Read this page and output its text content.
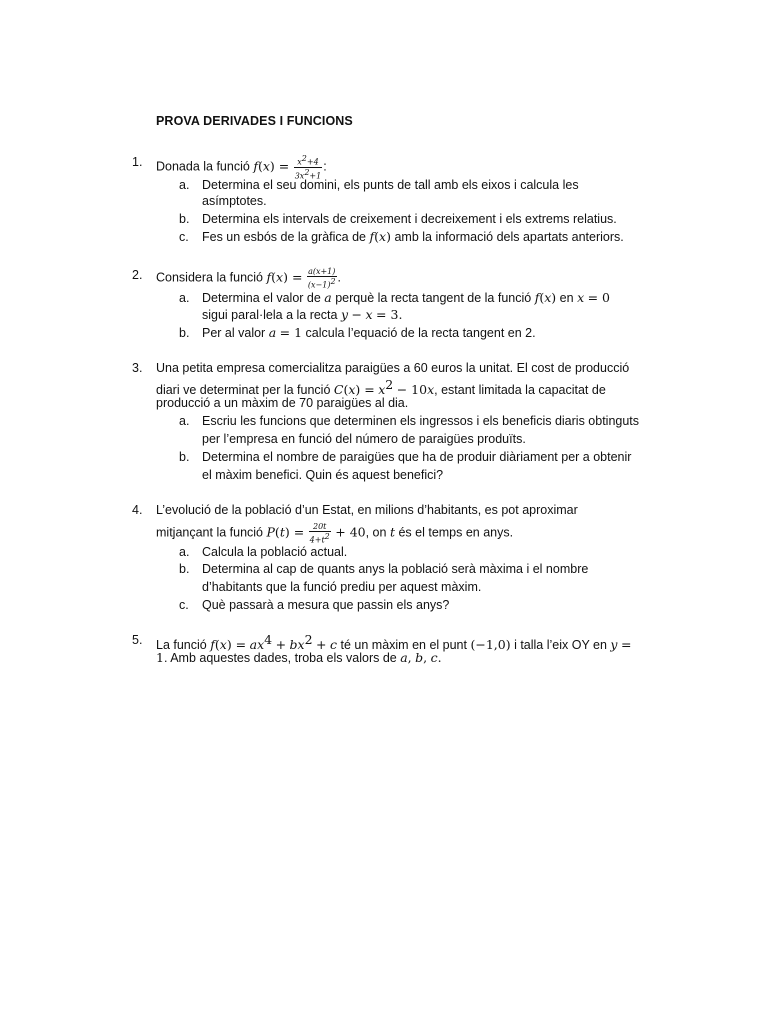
PROVA DERIVADES I FUNCIONS
1. Donada la funció $f(x) = \frac{x^2+4}{3x^2+1}$ :
a. Determina el seu domini, els punts de tall amb els eixos i calcula les
asímptotes.
b. Determina els intervals de creixement i decreixement i els extrems relatius.
c. Fes un esbós de la gràfica de f(x) amb la informació dels apartats anteriors.
2. Considera la funció $f(x) = \frac{a(x+1)}{(x-1)^2}$ .
a. Determina el valor de a perquè la recta tangent de la funció f(x) en x = 0
sigui paral·lela a la recta y − x = 3.
b. Per al valor a = 1 calcula l’equació de la recta tangent en 2.
3. Una petita empresa comercialitza paraigües a 60 euros la unitat. El cost de producció
diari ve determinat per la funció $C(x) = x^2 - 10x$, estant limitada la capacitat de
producció a un màxim de 70 paraigües al dia.
a. Escriu les funcions que determinen els ingressos i els beneficis diaris obtinguts
per l’empresa en funció del número de paraigües produïts.
b. Determina el nombre de paraigües que ha de produir diàriament per a obtenir
el màxim benefici. Quin és aquest benefici?
4. L’evolució de la població d’un Estat, en milions d’habitants, es pot aproximar
mitjançant la funció $P(t) = \frac{20t}{4+t^2} + 40$, on t és el temps en anys.
a. Calcula la població actual.
b. Determina al cap de quants anys la població serà màxima i el nombre
d’habitants que la funció prediu per aquest màxim.
c. Què passarà a mesura que passin els anys?
5. La funció $f(x) = ax^4 + bx^2 + c$ té un màxim en el punt (−1,0) i talla l’eix OY en y =
1. Amb aquestes dades, troba els valors de a, b, c.
